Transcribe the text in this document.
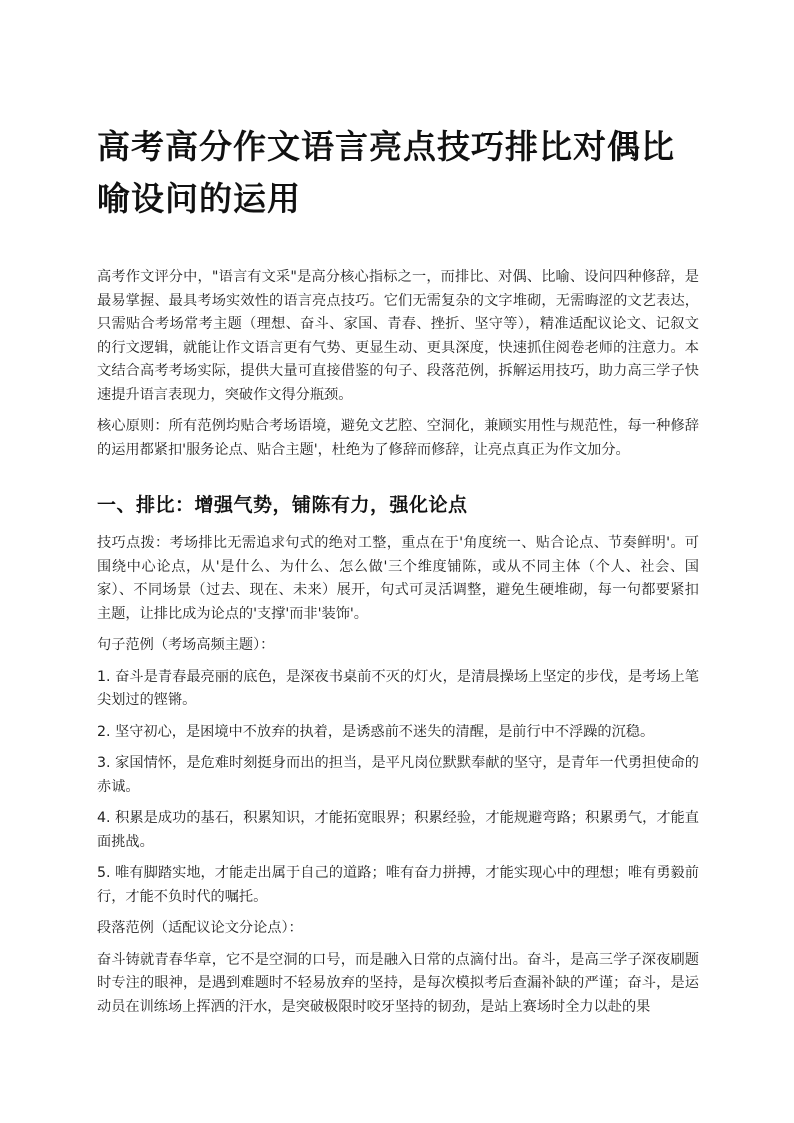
高考高分作文语言亮点技巧排比对偶比喻设问的运用

高考作文评分中，"语言有文采"是高分核心指标之一，而排比、对偶、比喻、设问四种修辞，是最易掌握、最具考场实效性的语言亮点技巧。它们无需复杂的文字堆砌，无需晦涩的文艺表达，只需贴合考场常考主题（理想、奋斗、家国、青春、挫折、坚守等），精准适配议论文、记叙文的行文逻辑，就能让作文语言更有气势、更显生动、更具深度，快速抓住阅卷老师的注意力。本文结合高考考场实际，提供大量可直接借鉴的句子、段落范例，拆解运用技巧，助力高三学子快速提升语言表现力，突破作文得分瓶颈。

核心原则：所有范例均贴合考场语境，避免文艺腔、空洞化，兼顾实用性与规范性，每一种修辞的运用都紧扣'服务论点、贴合主题'，杜绝为了修辞而修辞，让亮点真正为作文加分。

一、排比：增强气势，铺陈有力，强化论点

技巧点拨：考场排比无需追求句式的绝对工整，重点在于'角度统一、贴合论点、节奏鲜明'。可围绕中心论点，从'是什么、为什么、怎么做'三个维度铺陈，或从不同主体（个人、社会、国家）、不同场景（过去、现在、未来）展开，句式可灵活调整，避免生硬堆砌，每一句都要紧扣主题，让排比成为论点的'支撑'而非'装饰'。

句子范例（考场高频主题）：

1. 奋斗是青春最亮丽的底色，是深夜书桌前不灭的灯火，是清晨操场上坚定的步伐，是考场上笔尖划过的铿锵。

2. 坚守初心，是困境中不放弃的执着，是诱惑前不迷失的清醒，是前行中不浮躁的沉稳。

3. 家国情怀，是危难时刻挺身而出的担当，是平凡岗位默默奉献的坚守，是青年一代勇担使命的赤诚。

4. 积累是成功的基石，积累知识，才能拓宽眼界；积累经验，才能规避弯路；积累勇气，才能直面挑战。

5. 唯有脚踏实地，才能走出属于自己的道路；唯有奋力拼搏，才能实现心中的理想；唯有勇毅前行，才能不负时代的嘱托。

段落范例（适配议论文分论点）：

奋斗铸就青春华章，它不是空洞的口号，而是融入日常的点滴付出。奋斗，是高三学子深夜刷题时专注的眼神，是遇到难题时不轻易放弃的坚持，是每次模拟考后查漏补缺的严谨；奋斗，是运动员在训练场上挥洒的汗水，是突破极限时咬牙坚持的韧劲，是站上赛场时全力以赴的果
